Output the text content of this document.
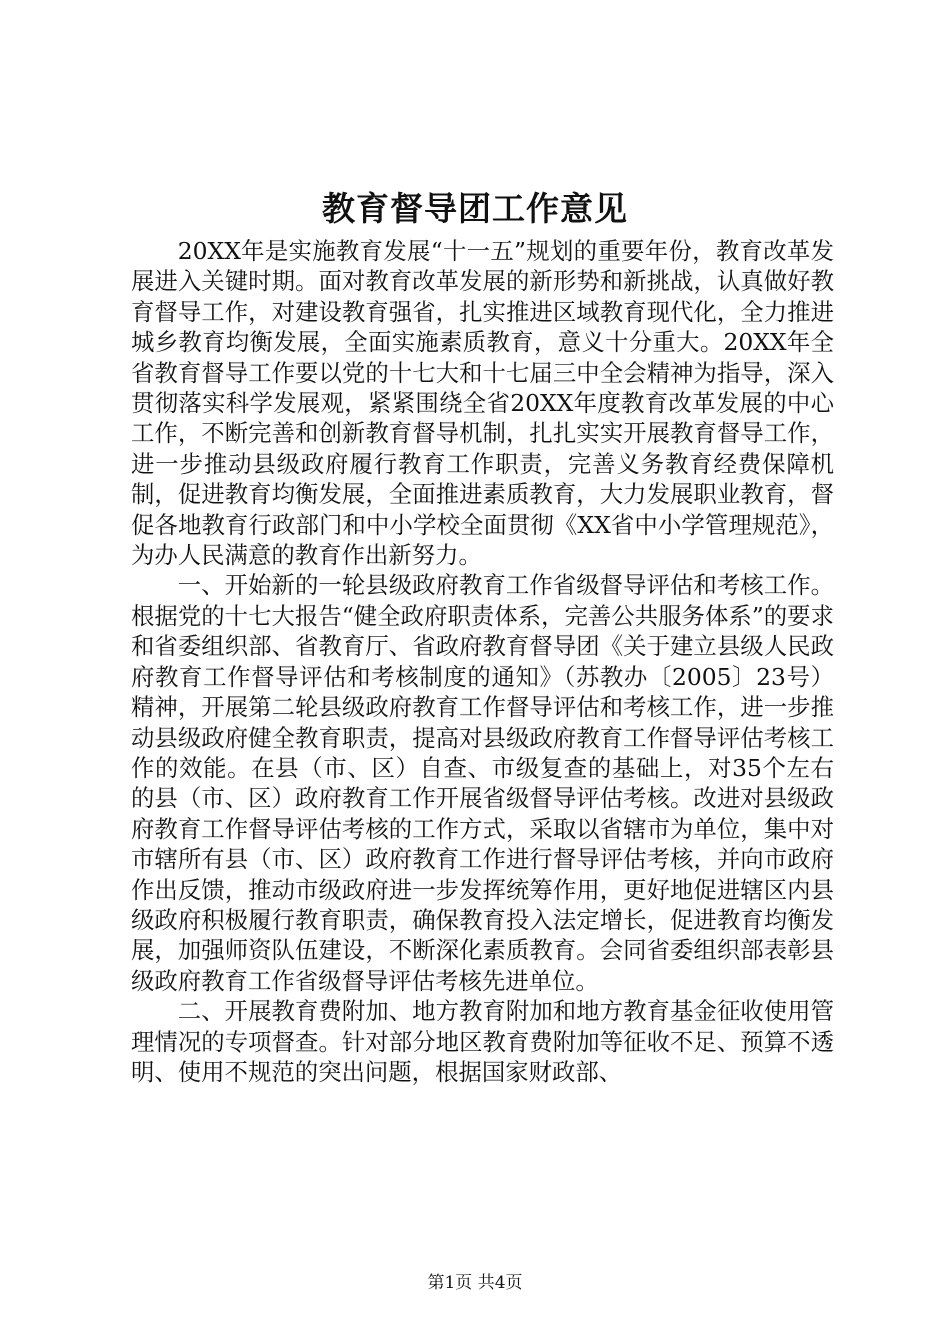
教育督导团工作意见

20XX年是实施教育发展“十一五”规划的重要年份，教育改革发展进入关键时期。面对教育改革发展的新形势和新挑战，认真做好教育督导工作，对建设教育强省，扎实推进区域教育现代化，全力推进城乡教育均衡发展，全面实施素质教育，意义十分重大。20XX年全省教育督导工作要以党的十七大和十七届三中全会精神为指导，深入贯彻落实科学发展观，紧紧围绕全省20XX年度教育改革发展的中心工作，不断完善和创新教育督导机制，扎扎实实开展教育督导工作，进一步推动县级政府履行教育工作职责，完善义务教育经费保障机制，促进教育均衡发展，全面推进素质教育，大力发展职业教育，督促各地教育行政部门和中小学校全面贯彻《XX省中小学管理规范》，为办人民满意的教育作出新努力。

一、开始新的一轮县级政府教育工作省级督导评估和考核工作。根据党的十七大报告“健全政府职责体系，完善公共服务体系”的要求和省委组织部、省教育厅、省政府教育督导团《关于建立县级人民政府教育工作督导评估和考核制度的通知》（苏教办〔2005〕23号）精神，开展第二轮县级政府教育工作督导评估和考核工作，进一步推动县级政府健全教育职责，提高对县级政府教育工作督导评估考核工作的效能。在县（市、区）自查、市级复查的基础上，对35个左右的县（市、区）政府教育工作开展省级督导评估考核。改进对县级政府教育工作督导评估考核的工作方式，采取以省辖市为单位，集中对市辖所有县（市、区）政府教育工作进行督导评估考核，并向市政府作出反馈，推动市级政府进一步发挥统筹作用，更好地促进辖区内县级政府积极履行教育职责，确保教育投入法定增长，促进教育均衡发展，加强师资队伍建设，不断深化素质教育。会同省委组织部表彰县级政府教育工作省级督导评估考核先进单位。

二、开展教育费附加、地方教育附加和地方教育基金征收使用管理情况的专项督查。针对部分地区教育费附加等征收不足、预算不透明、使用不规范的突出问题，根据国家财政部、

第1页 共4页
